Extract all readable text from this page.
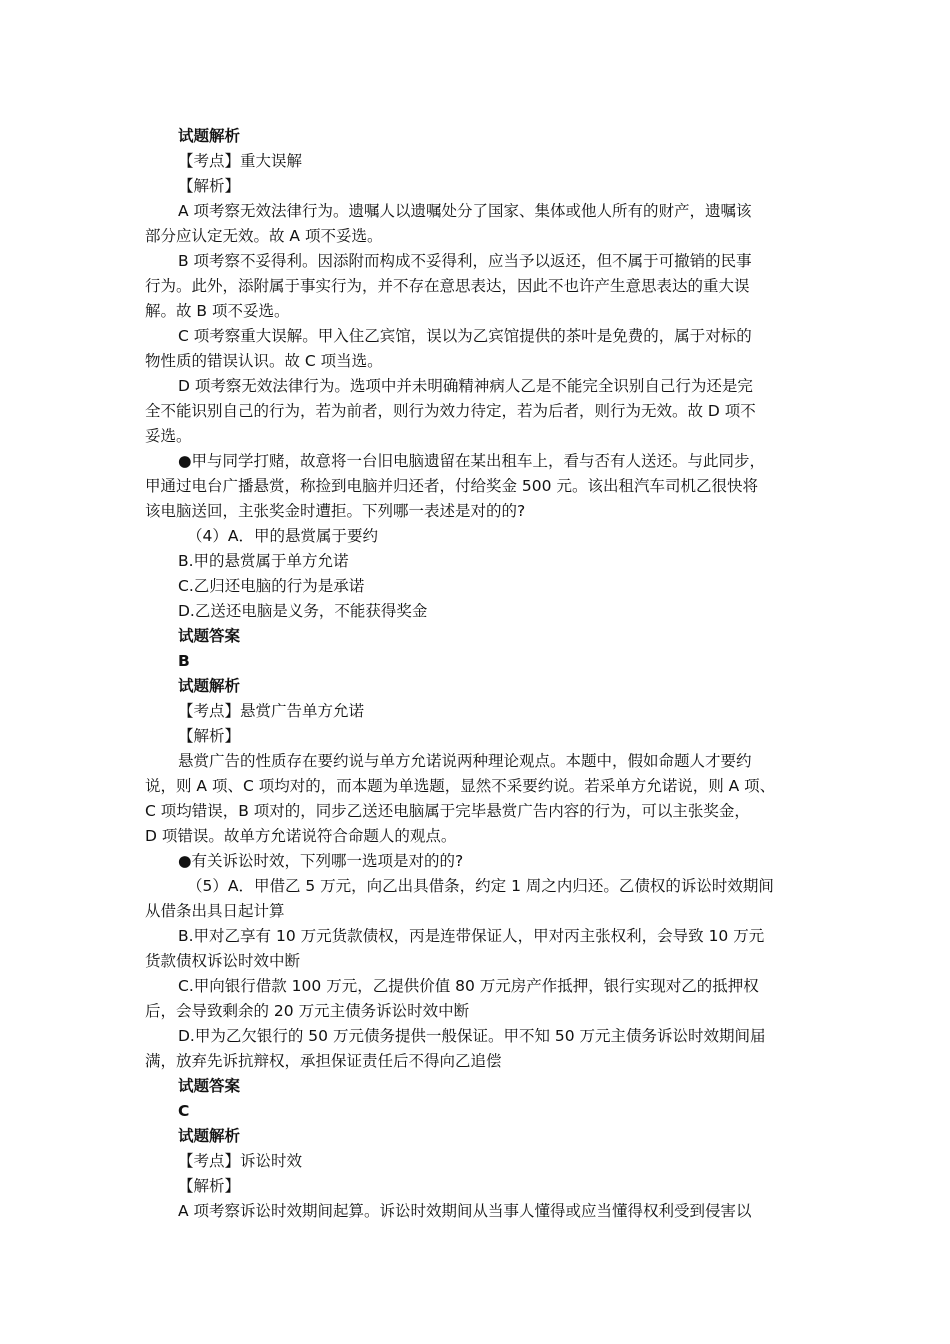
试题解析
【考点】重大误解
【解析】
A 项考察无效法律行为。遗嘱人以遗嘱处分了国家、集体或他人所有的财产，遗嘱该
部分应认定无效。故 A 项不妥选。
B 项考察不妥得利。因添附而构成不妥得利，应当予以返还，但不属于可撤销的民事
行为。此外，添附属于事实行为，并不存在意思表达，因此不也许产生意思表达的重大误
解。故 B 项不妥选。
C 项考察重大误解。甲入住乙宾馆，误以为乙宾馆提供的茶叶是免费的，属于对标的
物性质的错误认识。故 C 项当选。
D 项考察无效法律行为。选项中并未明确精神病人乙是不能完全识别自己行为还是完
全不能识别自己的行为，若为前者，则行为效力待定，若为后者，则行为无效。故 D 项不
妥选。
●甲与同学打赌，故意将一台旧电脑遗留在某出租车上，看与否有人送还。与此同步，
甲通过电台广播悬赏，称捡到电脑并归还者，付给奖金 500 元。该出租汽车司机乙很快将
该电脑送回，主张奖金时遭拒。下列哪一表述是对的的?
（4）A．甲的悬赏属于要约
B.甲的悬赏属于单方允诺
C.乙归还电脑的行为是承诺
D.乙送还电脑是义务，不能获得奖金
试题答案
B
试题解析
【考点】悬赏广告单方允诺
【解析】
悬赏广告的性质存在要约说与单方允诺说两种理论观点。本题中，假如命题人才要约
说，则 A 项、C 项均对的，而本题为单选题，显然不采要约说。若采单方允诺说，则 A 项、
C 项均错误，B 项对的，同步乙送还电脑属于完毕悬赏广告内容的行为，可以主张奖金，
D 项错误。故单方允诺说符合命题人的观点。
●有关诉讼时效，下列哪一选项是对的的?
（5）A．甲借乙 5 万元，向乙出具借条，约定 1 周之内归还。乙债权的诉讼时效期间
从借条出具日起计算
B.甲对乙享有 10 万元货款债权，丙是连带保证人，甲对丙主张权利，会导致 10 万元
货款债权诉讼时效中断
C.甲向银行借款 100 万元，乙提供价值 80 万元房产作抵押，银行实现对乙的抵押权
后，会导致剩余的 20 万元主债务诉讼时效中断
D.甲为乙欠银行的 50 万元债务提供一般保证。甲不知 50 万元主债务诉讼时效期间届
满，放弃先诉抗辩权，承担保证责任后不得向乙追偿
试题答案
C
试题解析
【考点】诉讼时效
【解析】
A 项考察诉讼时效期间起算。诉讼时效期间从当事人懂得或应当懂得权利受到侵害以
